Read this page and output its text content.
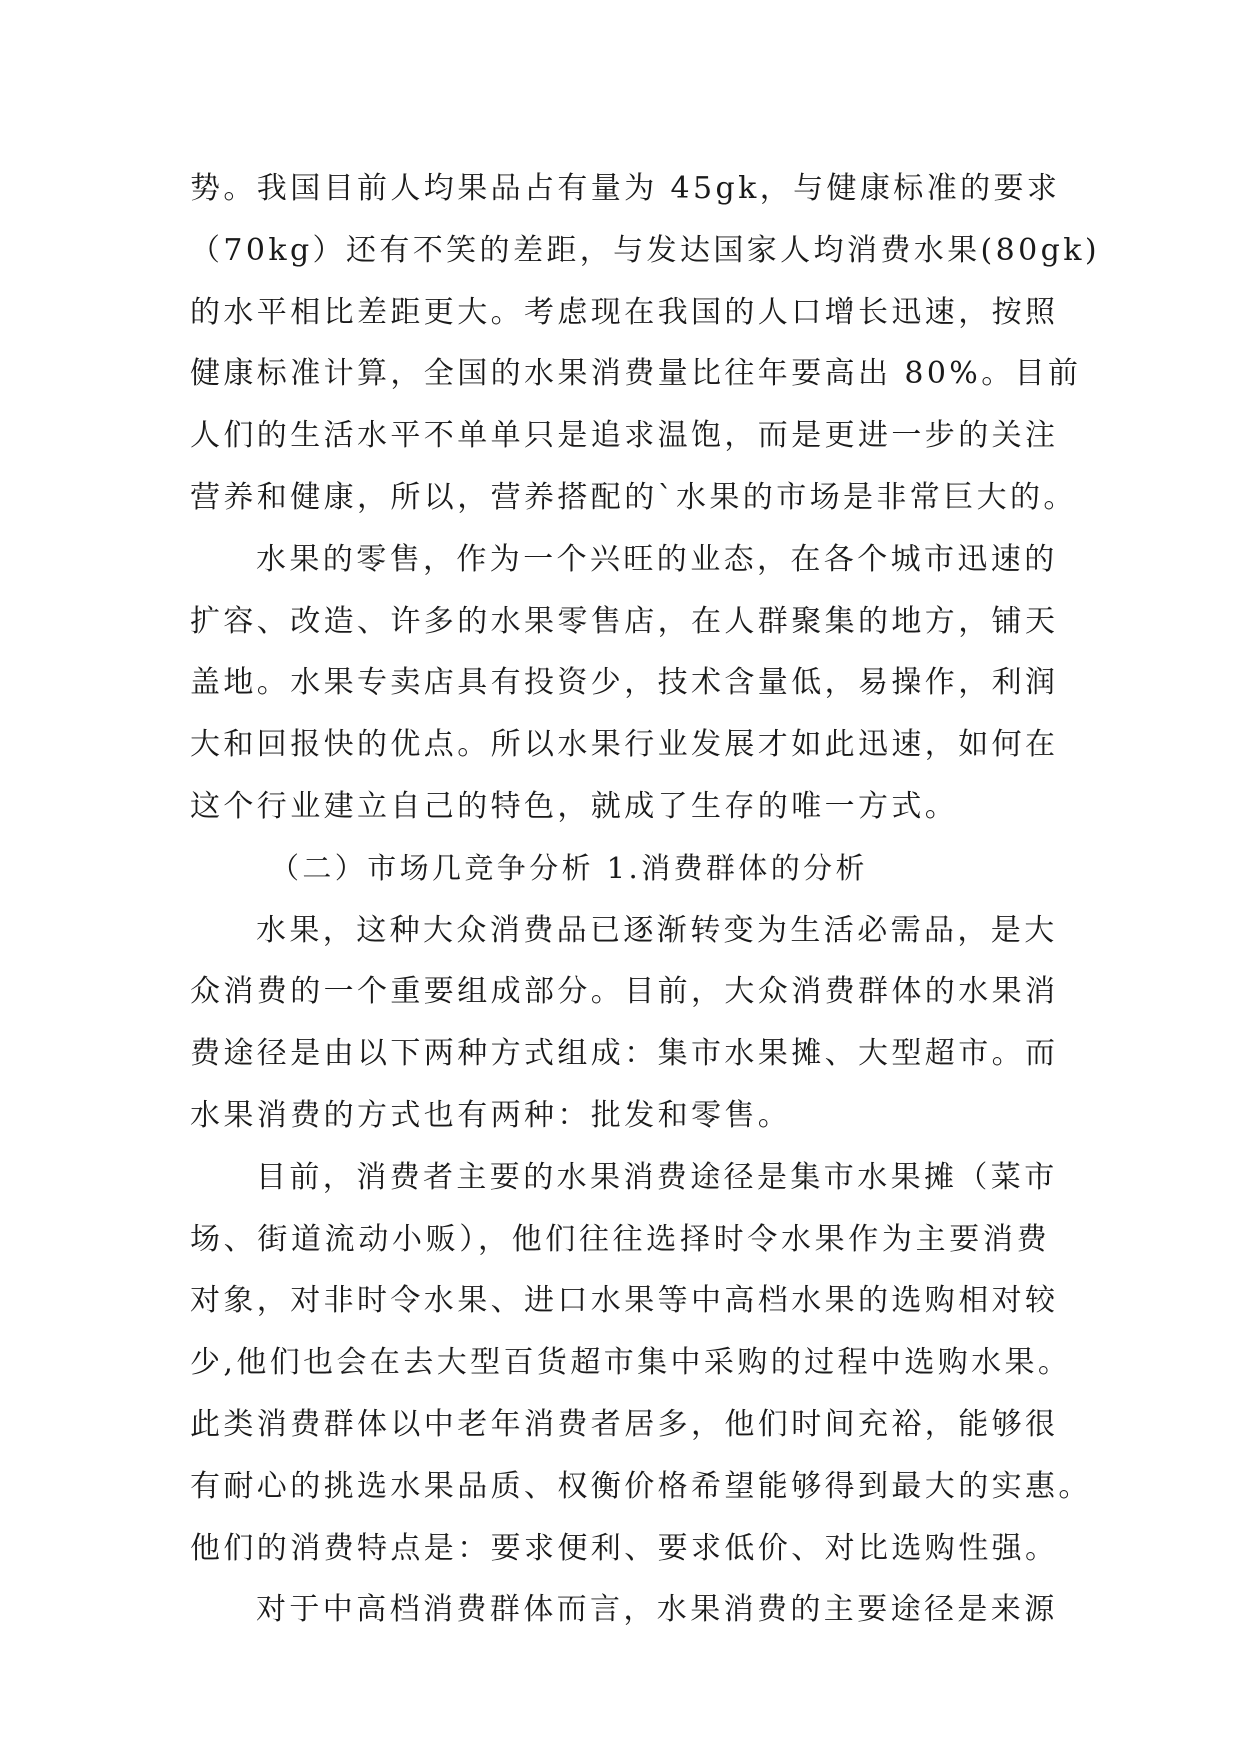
势。我国目前人均果品占有量为 45gk，与健康标准的要求
（70kg）还有不笑的差距，与发达国家人均消费水果(80gk)
的水平相比差距更大。考虑现在我国的人口增长迅速，按照
健康标准计算，全国的水果消费量比往年要高出 80%。目前
人们的生活水平不单单只是追求温饱，而是更进一步的关注
营养和健康，所以，营养搭配的`水果的市场是非常巨大的。
水果的零售，作为一个兴旺的业态，在各个城市迅速的
扩容、改造、许多的水果零售店，在人群聚集的地方，铺天
盖地。水果专卖店具有投资少，技术含量低，易操作，利润
大和回报快的优点。所以水果行业发展才如此迅速，如何在
这个行业建立自己的特色，就成了生存的唯一方式。
（二）市场几竞争分析 1.消费群体的分析
水果，这种大众消费品已逐渐转变为生活必需品，是大
众消费的一个重要组成部分。目前，大众消费群体的水果消
费途径是由以下两种方式组成：集市水果摊、大型超市。而
水果消费的方式也有两种：批发和零售。
目前，消费者主要的水果消费途径是集市水果摊（菜市
场、街道流动小贩），他们往往选择时令水果作为主要消费
对象，对非时令水果、进口水果等中高档水果的选购相对较
少,他们也会在去大型百货超市集中采购的过程中选购水果。
此类消费群体以中老年消费者居多，他们时间充裕，能够很
有耐心的挑选水果品质、权衡价格希望能够得到最大的实惠。
他们的消费特点是：要求便利、要求低价、对比选购性强。
对于中高档消费群体而言，水果消费的主要途径是来源
